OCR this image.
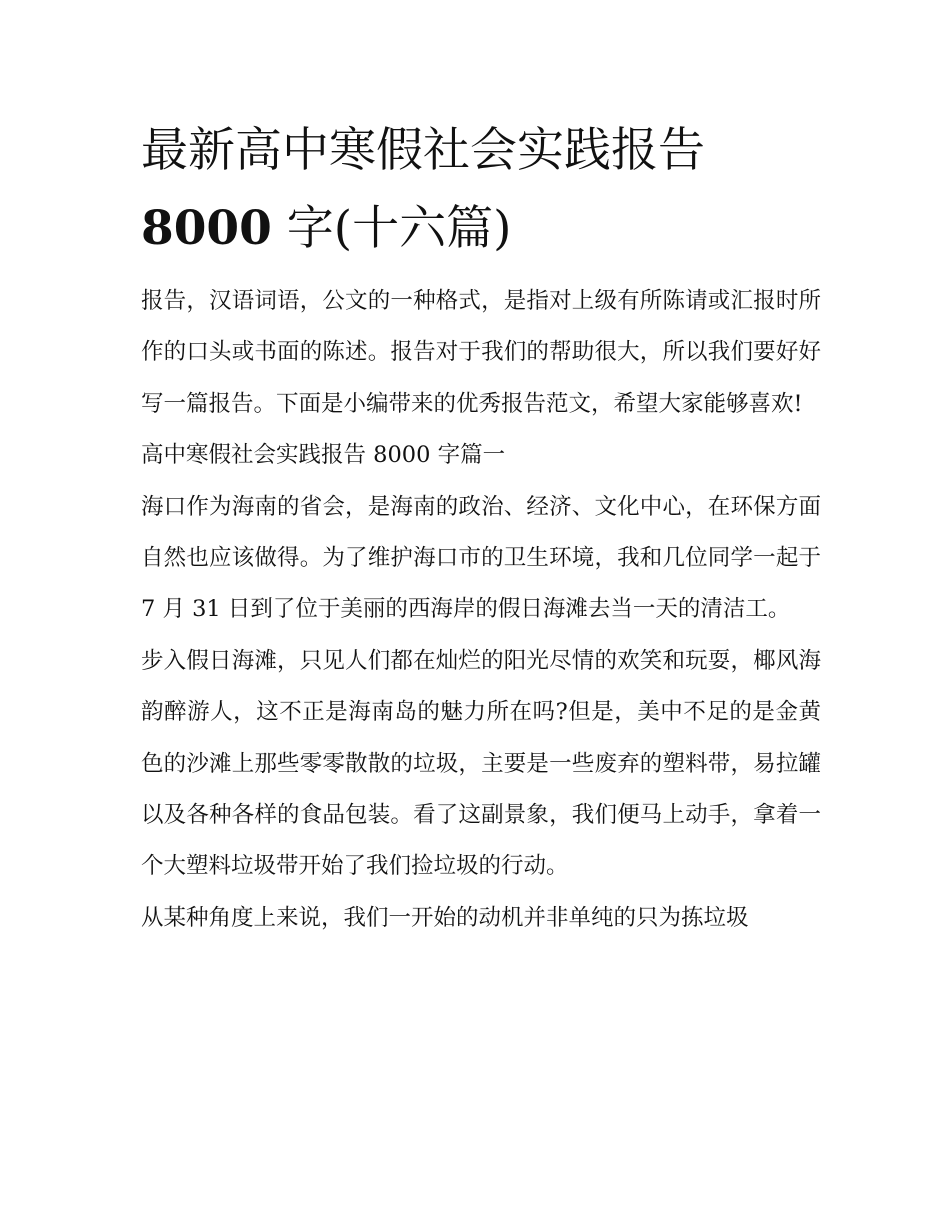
最新高中寒假社会实践报告
8000 字(十六篇)

报告，汉语词语，公文的一种格式，是指对上级有所陈请或汇报时所作的口头或书面的陈述。报告对于我们的帮助很大，所以我们要好好写一篇报告。下面是小编带来的优秀报告范文，希望大家能够喜欢!

高中寒假社会实践报告 8000 字篇一

海口作为海南的省会，是海南的政治、经济、文化中心，在环保方面自然也应该做得。为了维护海口市的卫生环境，我和几位同学一起于 7 月 31 日到了位于美丽的西海岸的假日海滩去当一天的清洁工。

步入假日海滩，只见人们都在灿烂的阳光尽情的欢笑和玩耍，椰风海韵醉游人，这不正是海南岛的魅力所在吗?但是，美中不足的是金黄色的沙滩上那些零零散散的垃圾，主要是一些废弃的塑料带，易拉罐以及各种各样的食品包装。看了这副景象，我们便马上动手，拿着一个大塑料垃圾带开始了我们捡垃圾的行动。

从某种角度上来说，我们一开始的动机并非单纯的只为拣垃圾
